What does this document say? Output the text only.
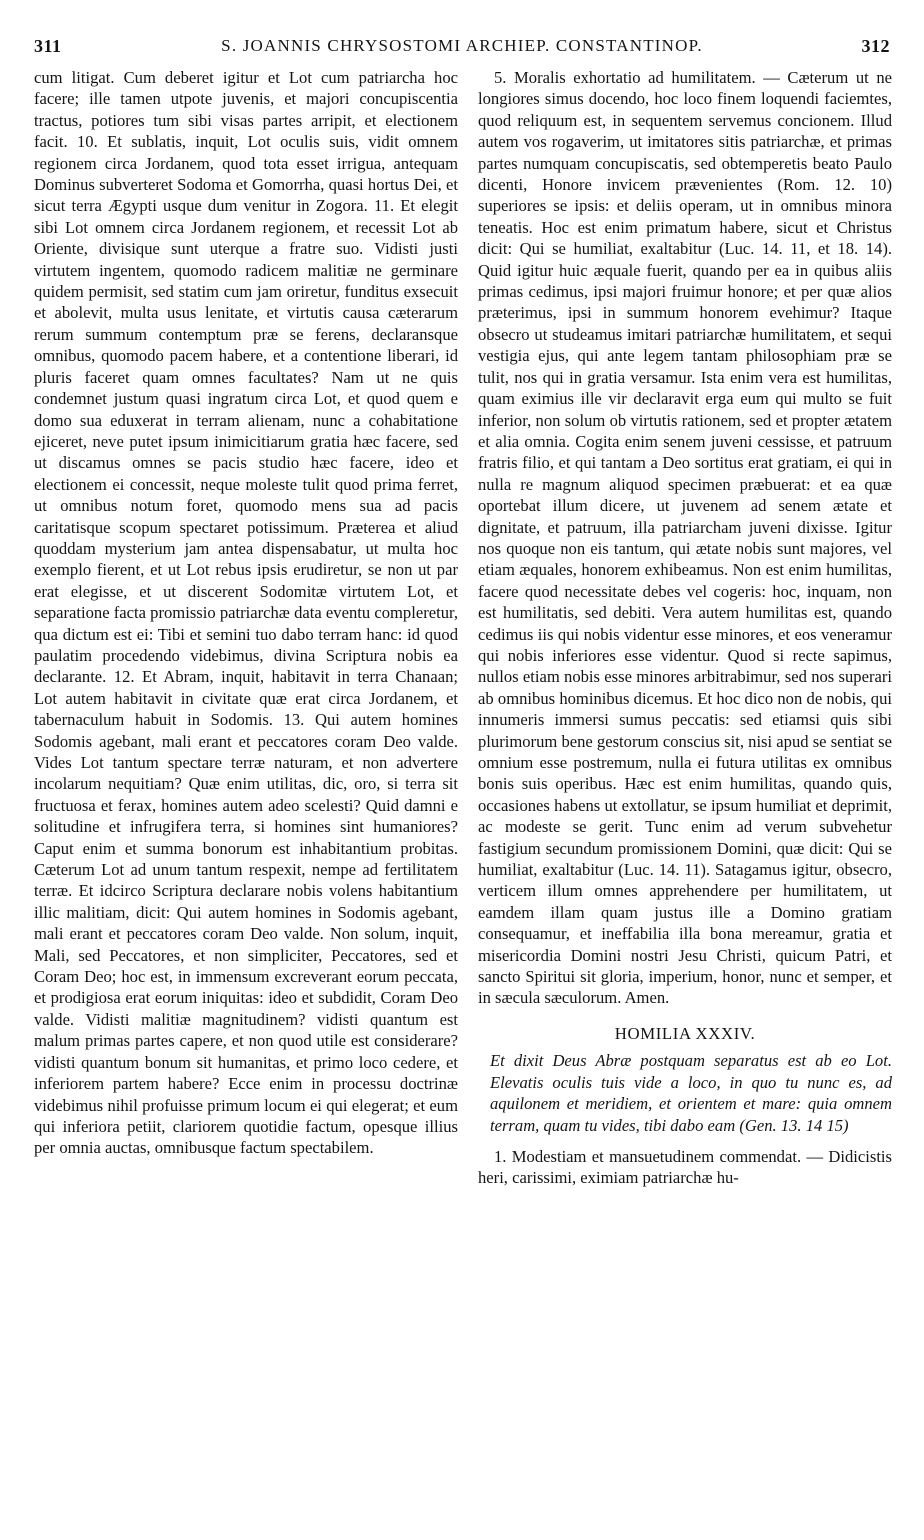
311	S. JOANNIS CHRYSOSTOMI ARCHIEP. CONSTANTINOP.	312

cum litigat. Cum deberet igitur et Lot cum patriarcha hoc facere; ille tamen utpote juvenis, et majori concupiscentia tractus, potiores tum sibi visas partes arripit, et electionem facit. 10. Et sublatis, inquit, Lot oculis suis, vidit omnem regionem circa Jordanem, quod tota esset irrigua, antequam Dominus subverteret Sodoma et Gomorrha, quasi hortus Dei, et sicut terra Ægypti usque dum venitur in Zogora. 11. Et elegit sibi Lot omnem circa Jordanem regionem, et recessit Lot ab Oriente, divisique sunt uterque a fratre suo. Vidisti justi virtutem ingentem, quomodo radicem malitiæ ne germinare quidem permisit, sed statim cum jam oriretur, funditus exsecuit et abolevit, multa usus lenitate, et virtutis causa cæterarum rerum summum contemptum præ se ferens, declaransque omnibus, quomodo pacem habere, et a contentione liberari, id pluris faceret quam omnes facultates? Nam ut ne quis condemnet justum quasi ingratum circa Lot, et quod quem e domo sua eduxerat in terram alienam, nunc a cohabitatione ejiceret, neve putet ipsum inimicitiarum gratia hæc facere, sed ut discamus omnes se pacis studio hæc facere, ideo et electionem ei concessit, neque moleste tulit quod prima ferret, ut omnibus notum foret, quomodo mens sua ad pacis caritatisque scopum spectaret potissimum. Præterea et aliud quoddam mysterium jam antea dispensabatur, ut multa hoc exemplo fierent, et ut Lot rebus ipsis erudiretur, se non ut par erat elegisse, et ut discerent Sodomitæ virtutem Lot, et separatione facta promissio patriarchæ data eventu compleretur, qua dictum est ei: Tibi et semini tuo dabo terram hanc: id quod paulatim procedendo videbimus, divina Scriptura nobis ea declarante. 12. Et Abram, inquit, habitavit in terra Chanaan; Lot autem habitavit in civitate quæ erat circa Jordanem, et tabernaculum habuit in Sodomis. 13. Qui autem homines Sodomis agebant, mali erant et peccatores coram Deo valde. Vides Lot tantum spectare terræ naturam, et non advertere incolarum nequitiam? Quæ enim utilitas, dic, oro, si terra sit fructuosa et ferax, homines autem adeo scelesti? Quid damni e solitudine et infrugifera terra, si homines sint humaniores? Caput enim et summa bonorum est inhabitantium probitas. Cæterum Lot ad unum tantum respexit, nempe ad fertilitatem terræ. Et idcirco Scriptura declarare nobis volens habitantium illic malitiam, dicit: Qui autem homines in Sodomis agebant, mali erant et peccatores coram Deo valde. Non solum, inquit, Mali, sed Peccatores, et non simpliciter, Peccatores, sed et Coram Deo; hoc est, in immensum excreverant eorum peccata, et prodigiosa erat eorum iniquitas: ideo et subdidit, Coram Deo valde. Vidisti malitiæ magnitudinem? vidisti quantum est malum primas partes capere, et non quod utile est considerare? vidisti quantum bonum sit humanitas, et primo loco cedere, et inferiorem partem habere? Ecce enim in processu doctrinæ videbimus nihil profuisse primum locum ei qui elegerat; et eum qui inferiora petiit, clariorem quotidie factum, opesque illius per omnia auctas, omnibusque factum spectabilem.

5. Moralis exhortatio ad humilitatem. — Cæterum ut ne longiores simus docendo, hoc loco finem loquendi faciemtes, quod reliquum est, in sequentem servemus concionem. Illud autem vos rogaverim, ut imitatores sitis patriarchæ, et primas partes numquam concupiscatis, sed obtemperetis beato Paulo dicenti, Honore invicem prævenientes (Rom. 12. 10) superiores se ipsis: et deliis operam, ut in omnibus minora teneatis. Hoc est enim primatum habere, sicut et Christus dicit: Qui se humiliat, exaltabitur (Luc. 14. 11, et 18. 14). Quid igitur huic æquale fuerit, quando per ea in quibus aliis primas cedimus, ipsi majori fruimur honore; et per quæ alios præterimus, ipsi in summum honorem evehimur? Itaque obsecro ut studeamus imitari patriarchæ humilitatem, et sequi vestigia ejus, qui ante legem tantam philosophiam præ se tulit, nos qui in gratia versamur. Ista enim vera est humilitas, quam eximius ille vir declaravit erga eum qui multo se fuit inferior, non solum ob virtutis rationem, sed et propter ætatem et alia omnia. Cogita enim senem juveni cessisse, et patruum fratris filio, et qui tantam a Deo sortitus erat gratiam, ei qui in nulla re magnum aliquod specimen præbuerat: et ea quæ oportebat illum dicere, ut juvenem ad senem ætate et dignitate, et patruum, illa patriarcham juveni dixisse. Igitur nos quoque non eis tantum, qui ætate nobis sunt majores, vel etiam æquales, honorem exhibeamus. Non est enim humilitas, facere quod necessitate debes vel cogeris: hoc, inquam, non est humilitatis, sed debiti. Vera autem humilitas est, quando cedimus iis qui nobis videntur esse minores, et eos veneramur qui nobis inferiores esse videntur. Quod si recte sapimus, nullos etiam nobis esse minores arbitrabimur, sed nos superari ab omnibus hominibus dicemus. Et hoc dico non de nobis, qui innumeris immersi sumus peccatis: sed etiamsi quis sibi plurimorum bene gestorum conscius sit, nisi apud se sentiat se omnium esse postremum, nulla ei futura utilitas ex omnibus bonis suis operibus. Hæc est enim humilitas, quando quis, occasiones habens ut extollatur, se ipsum humiliat et deprimit, ac modeste se gerit. Tunc enim ad verum subvehetur fastigium secundum promissionem Domini, quæ dicit: Qui se humiliat, exaltabitur (Luc. 14. 11). Satagamus igitur, obsecro, verticem illum omnes apprehendere per humilitatem, ut eamdem illam quam justus ille a Domino gratiam consequamur, et ineffabilia illa bona mereamur, gratia et misericordia Domini nostri Jesu Christi, quicum Patri, et sancto Spiritui sit gloria, imperium, honor, nunc et semper, et in sæcula sæculorum. Amen.

HOMILIA XXXIV.

Et dixit Deus Abræ postquam separatus est ab eo Lot. Elevatis oculis tuis vide a loco, in quo tu nunc es, ad aquilonem et meridiem, et orientem et mare: quia omnem terram, quam tu vides, tibi dabo eam (Gen. 13. 14 15)

1. Modestiam et mansuetudinem commendat. — Didicistis heri, carissimi, eximiam patriarchæ hu-
